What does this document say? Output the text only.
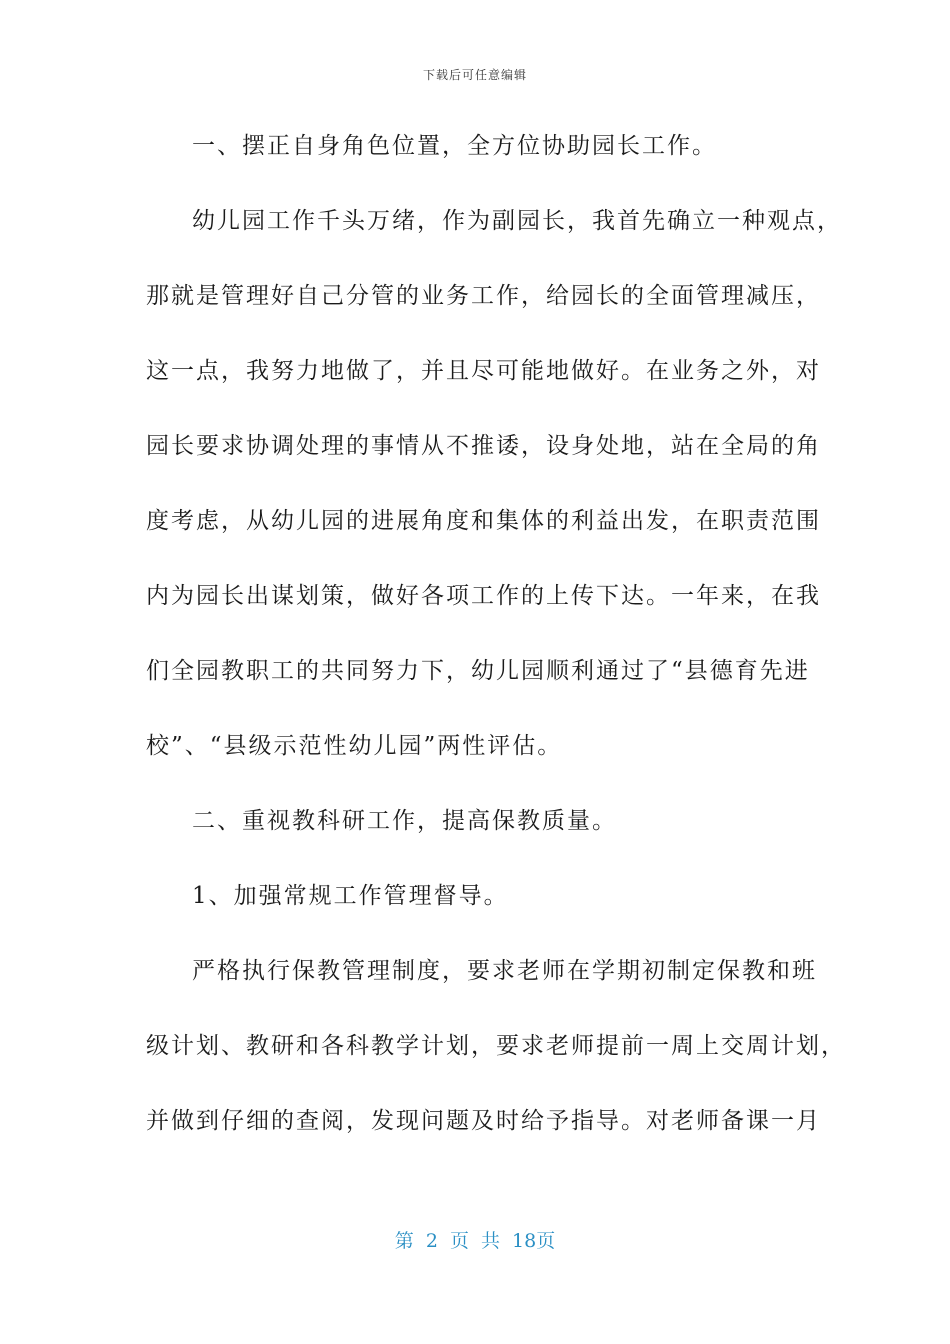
下载后可任意编辑
一、摆正自身角色位置，全方位协助园长工作。
幼儿园工作千头万绪，作为副园长，我首先确立一种观点，
那就是管理好自己分管的业务工作，给园长的全面管理减压，
这一点，我努力地做了，并且尽可能地做好。在业务之外，对
园长要求协调处理的事情从不推诿，设身处地，站在全局的角
度考虑，从幼儿园的进展角度和集体的利益出发，在职责范围
内为园长出谋划策，做好各项工作的上传下达。一年来，在我
们全园教职工的共同努力下，幼儿园顺利通过了“县德育先进
校”、“县级示范性幼儿园”两性评估。
二、重视教科研工作，提高保教质量。
1、加强常规工作管理督导。
严格执行保教管理制度，要求老师在学期初制定保教和班
级计划、教研和各科教学计划，要求老师提前一周上交周计划，
并做到仔细的查阅，发现问题及时给予指导。对老师备课一月
第 2 页 共 18页
